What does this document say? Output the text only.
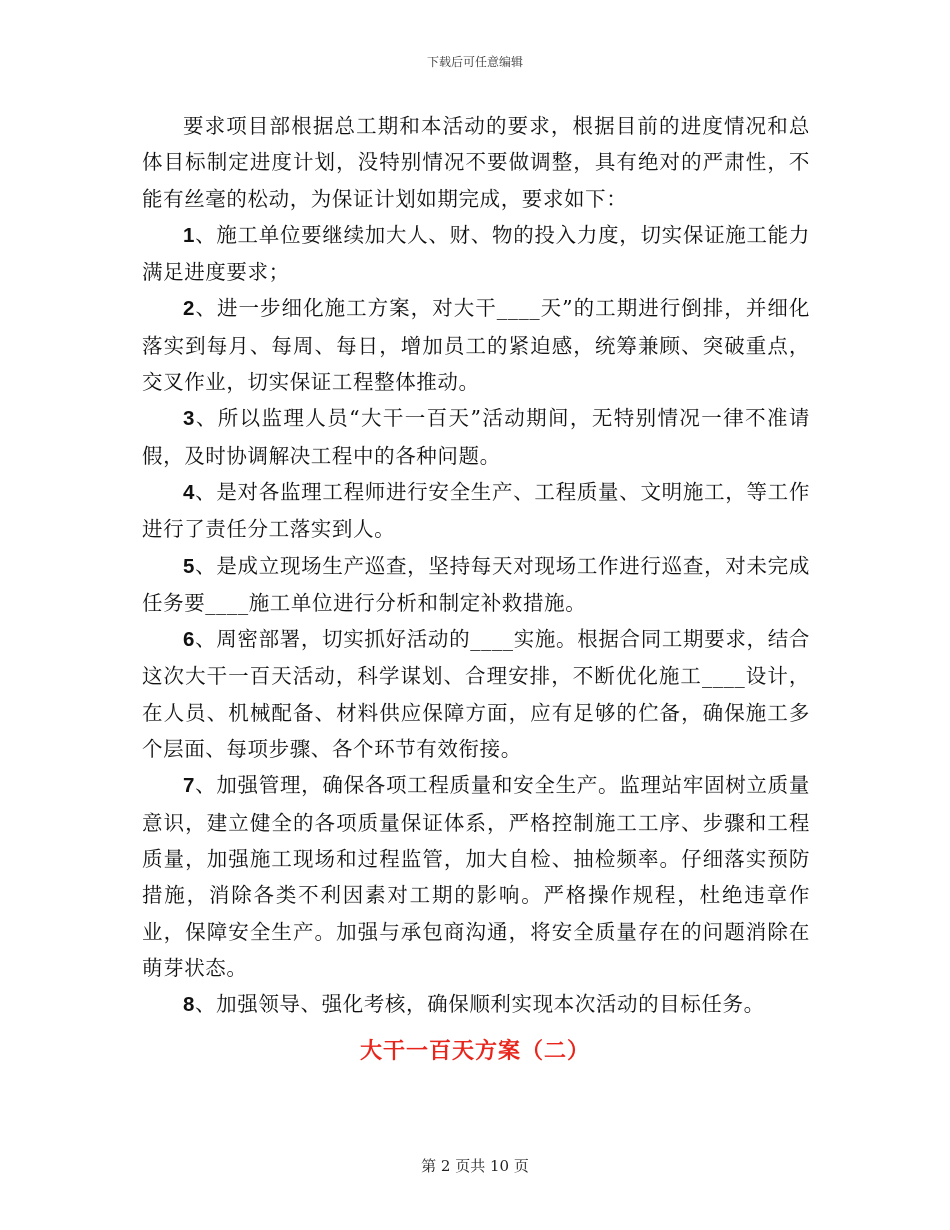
下载后可任意编辑

要求项目部根据总工期和本活动的要求，根据目前的进度情况和总体目标制定进度计划，没特别情况不要做调整，具有绝对的严肃性，不能有丝毫的松动，为保证计划如期完成，要求如下：

1、施工单位要继续加大人、财、物的投入力度，切实保证施工能力满足进度要求；

2、进一步细化施工方案，对大干____天”的工期进行倒排，并细化落实到每月、每周、每日，增加员工的紧迫感，统筹兼顾、突破重点，交叉作业，切实保证工程整体推动。

3、所以监理人员“大干一百天”活动期间，无特别情况一律不准请假，及时协调解决工程中的各种问题。

4、是对各监理工程师进行安全生产、工程质量、文明施工，等工作进行了责任分工落实到人。

5、是成立现场生产巡查，坚持每天对现场工作进行巡查，对未完成任务要____施工单位进行分析和制定补救措施。

6、周密部署，切实抓好活动的____实施。根据合同工期要求，结合这次大干一百天活动，科学谋划、合理安排，不断优化施工____设计，在人员、机械配备、材料供应保障方面，应有足够的伫备，确保施工多个层面、每项步骤、各个环节有效衔接。

7、加强管理，确保各项工程质量和安全生产。监理站牢固树立质量意识，建立健全的各项质量保证体系，严格控制施工工序、步骤和工程质量，加强施工现场和过程监管，加大自检、抽检频率。仔细落实预防措施，消除各类不利因素对工期的影响。严格操作规程，杜绝违章作业，保障安全生产。加强与承包商沟通，将安全质量存在的问题消除在萌芽状态。

8、加强领导、强化考核，确保顺利实现本次活动的目标任务。

大干一百天方案（二）
第 2 页共 10 页
